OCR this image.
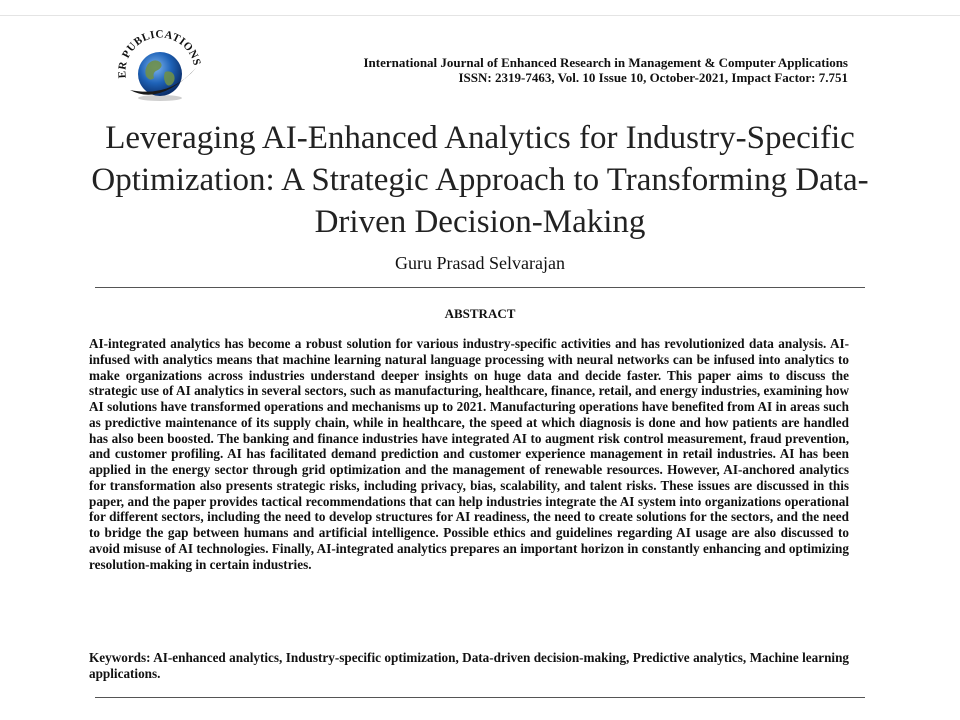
ER PUBLICATIONS	International Journal of Enhanced Research in Management & Computer Applications
ISSN: 2319-7463, Vol. 10 Issue 10, October-2021, Impact Factor: 7.751
Leveraging AI-Enhanced Analytics for Industry-Specific Optimization: A Strategic Approach to Transforming Data-Driven Decision-Making
Guru Prasad Selvarajan
ABSTRACT

AI-integrated analytics has become a robust solution for various industry-specific activities and has revolutionized data analysis. AI-infused with analytics means that machine learning natural language processing with neural networks can be infused into analytics to make organizations across industries understand deeper insights on huge data and decide faster. This paper aims to discuss the strategic use of AI analytics in several sectors, such as manufacturing, healthcare, finance, retail, and energy industries, examining how AI solutions have transformed operations and mechanisms up to 2021. Manufacturing operations have benefited from AI in areas such as predictive maintenance of its supply chain, while in healthcare, the speed at which diagnosis is done and how patients are handled has also been boosted. The banking and finance industries have integrated AI to augment risk control measurement, fraud prevention, and customer profiling. AI has facilitated demand prediction and customer experience management in retail industries. AI has been applied in the energy sector through grid optimization and the management of renewable resources. However, AI-anchored analytics for transformation also presents strategic risks, including privacy, bias, scalability, and talent risks. These issues are discussed in this paper, and the paper provides tactical recommendations that can help industries integrate the AI system into organizations operational for different sectors, including the need to develop structures for AI readiness, the need to create solutions for the sectors, and the need to bridge the gap between humans and artificial intelligence. Possible ethics and guidelines regarding AI usage are also discussed to avoid misuse of AI technologies. Finally, AI-integrated analytics prepares an important horizon in constantly enhancing and optimizing resolution-making in certain industries.

Keywords: AI-enhanced analytics, Industry-specific optimization, Data-driven decision-making, Predictive analytics, Machine learning applications.
